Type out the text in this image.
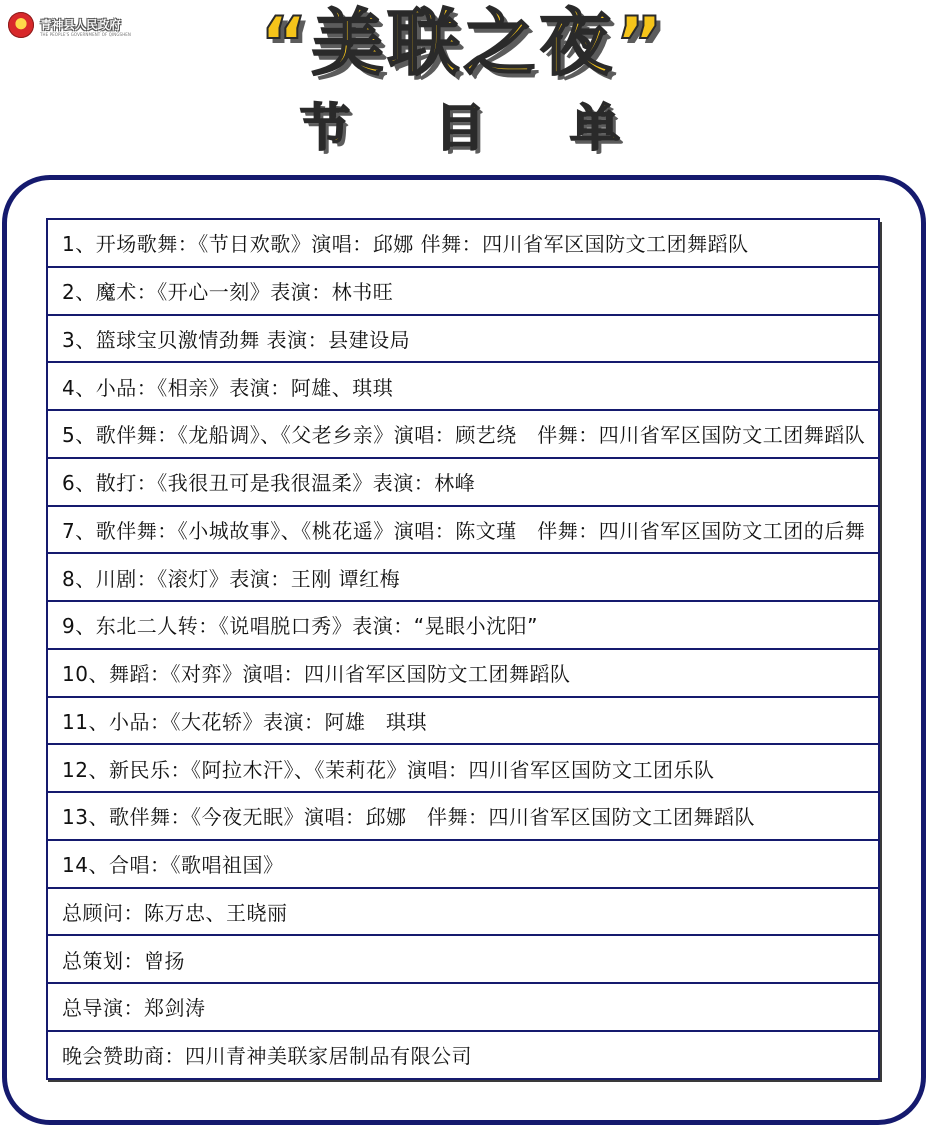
青神县人民政府
THE PEOPLE'S GOVERNMENT OF QINGSHEN	“美联之夜”
节 目 单
1、开场歌舞：《节日欢歌》演唱：邱娜 伴舞：四川省军区国防文工团舞蹈队
2、魔术：《开心一刻》表演：林书旺
3、篮球宝贝激情劲舞 表演：县建设局
4、小品：《相亲》表演：阿雄、琪琪
5、歌伴舞：《龙船调》、《父老乡亲》演唱：顾艺绕　伴舞：四川省军区国防文工团舞蹈队
6、散打：《我很丑可是我很温柔》表演：林峰
7、歌伴舞：《小城故事》、《桃花遥》演唱：陈文瑾　伴舞：四川省军区国防文工团的后舞
8、川剧：《滚灯》表演：王刚 谭红梅
9、东北二人转：《说唱脱口秀》表演：“晃眼小沈阳”
10、舞蹈：《对弈》演唱：四川省军区国防文工团舞蹈队
11、小品：《大花轿》表演：阿雄　琪琪
12、新民乐：《阿拉木汗》、《茉莉花》演唱：四川省军区国防文工团乐队
13、歌伴舞：《今夜无眠》演唱：邱娜　伴舞：四川省军区国防文工团舞蹈队
14、合唱：《歌唱祖国》
总顾问：陈万忠、王晓丽
总策划：曾扬
总导演：郑剑涛
晚会赞助商：四川青神美联家居制品有限公司
